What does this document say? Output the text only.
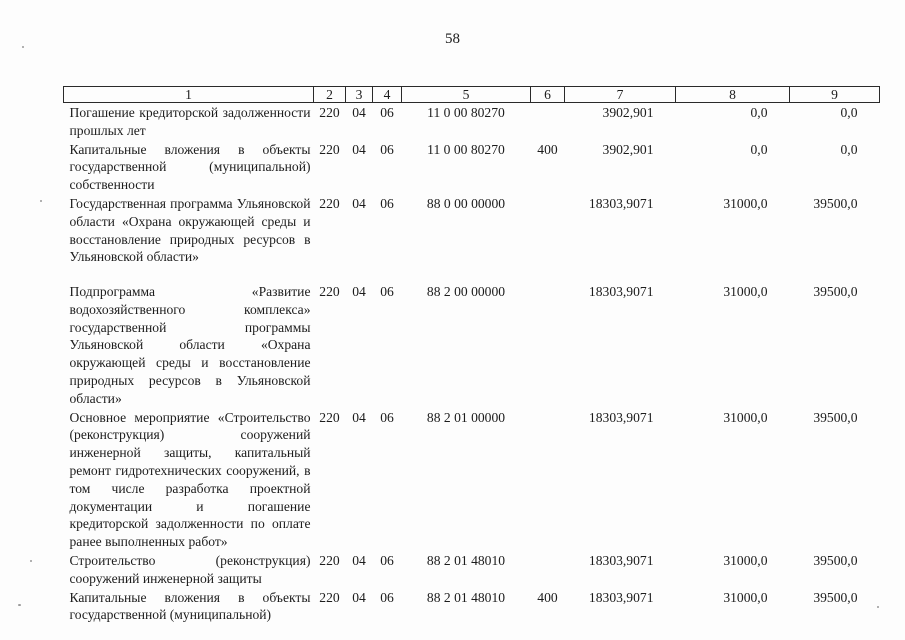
58
1	2	3	4	5	6	7	8	9
Погашение кредиторской задолженности прошлых лет	220	04	06	11 0 00 80270		3902,901	0,0	0,0
Капитальные вложения в объекты государственной (муниципальной) собственности	220	04	06	11 0 00 80270	400	3902,901	0,0	0,0
Государственная программа Ульяновской области «Охрана окружающей среды и восстановление природных ресурсов в Ульяновской области»	220	04	06	88 0 00 00000		18303,9071	31000,0	39500,0
Подпрограмма «Развитие водохозяйственного комплекса» государственной программы Ульяновской области «Охрана окружающей среды и восстановление природных ресурсов в Ульяновской области»	220	04	06	88 2 00 00000		18303,9071	31000,0	39500,0
Основное мероприятие «Строительство (реконструкция) сооружений инженерной защиты, капитальный ремонт гидротехнических сооружений, в том числе разработка проектной документации и погашение кредиторской задолженности по оплате ранее выполненных работ»	220	04	06	88 2 01 00000		18303,9071	31000,0	39500,0
Строительство (реконструкция) сооружений инженерной защиты	220	04	06	88 2 01 48010		18303,9071	31000,0	39500,0
Капитальные вложения в объекты государственной (муниципальной)	220	04	06	88 2 01 48010	400	18303,9071	31000,0	39500,0
